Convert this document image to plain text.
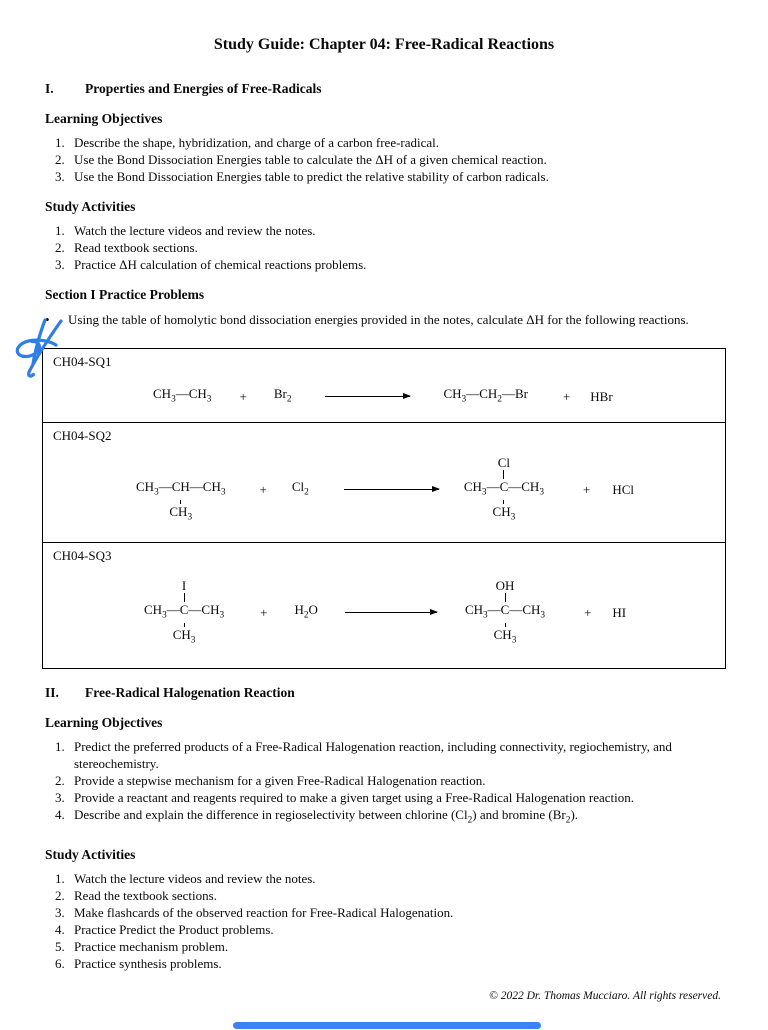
Study Guide: Chapter 04: Free-Radical Reactions
I.	Properties and Energies of Free-Radicals
Learning Objectives
1. Describe the shape, hybridization, and charge of a carbon free-radical.
2. Use the Bond Dissociation Energies table to calculate the ΔH of a given chemical reaction.
3. Use the Bond Dissociation Energies table to predict the relative stability of carbon radicals.
Study Activities
1. Watch the lecture videos and review the notes.
2. Read textbook sections.
3. Practice ΔH calculation of chemical reactions problems.
Section I Practice Problems
•	Using the table of homolytic bond dissociation energies provided in the notes, calculate ΔH for the following reactions.
CH04-SQ1
$CH_3—CH_3 + Br_2$	$CH_3—CH_2—Br$	+ HBr
CH04-SQ2
$CH_3—CH—CH_3$
$CH_3$
+ $Cl_2$
Cl
$CH_3—C—CH_3$
$CH_3$
+ HCl
CH04-SQ3
I
$CH_3—C—CH_3$
$CH_3$
+ $H_2O$
OH
$CH_3—C—CH_3$
$CH_3$
+ HI
II.	Free-Radical Halogenation Reaction
Learning Objectives
1. Predict the preferred products of a Free-Radical Halogenation reaction, including connectivity, regiochemistry, and stereochemistry.
2. Provide a stepwise mechanism for a given Free-Radical Halogenation reaction.
3. Provide a reactant and reagents required to make a given target using a Free-Radical Halogenation reaction.
4. Describe and explain the difference in regioselectivity between chlorine $(Cl_2)$ and bromine $(Br_2)$.
Study Activities
1. Watch the lecture videos and review the notes.
2. Read the textbook sections.
3. Make flashcards of the observed reaction for Free-Radical Halogenation.
4. Practice Predict the Product problems.
5. Practice mechanism problem.
6. Practice synthesis problems.
© 2022 Dr. Thomas Mucciaro. All rights reserved.
